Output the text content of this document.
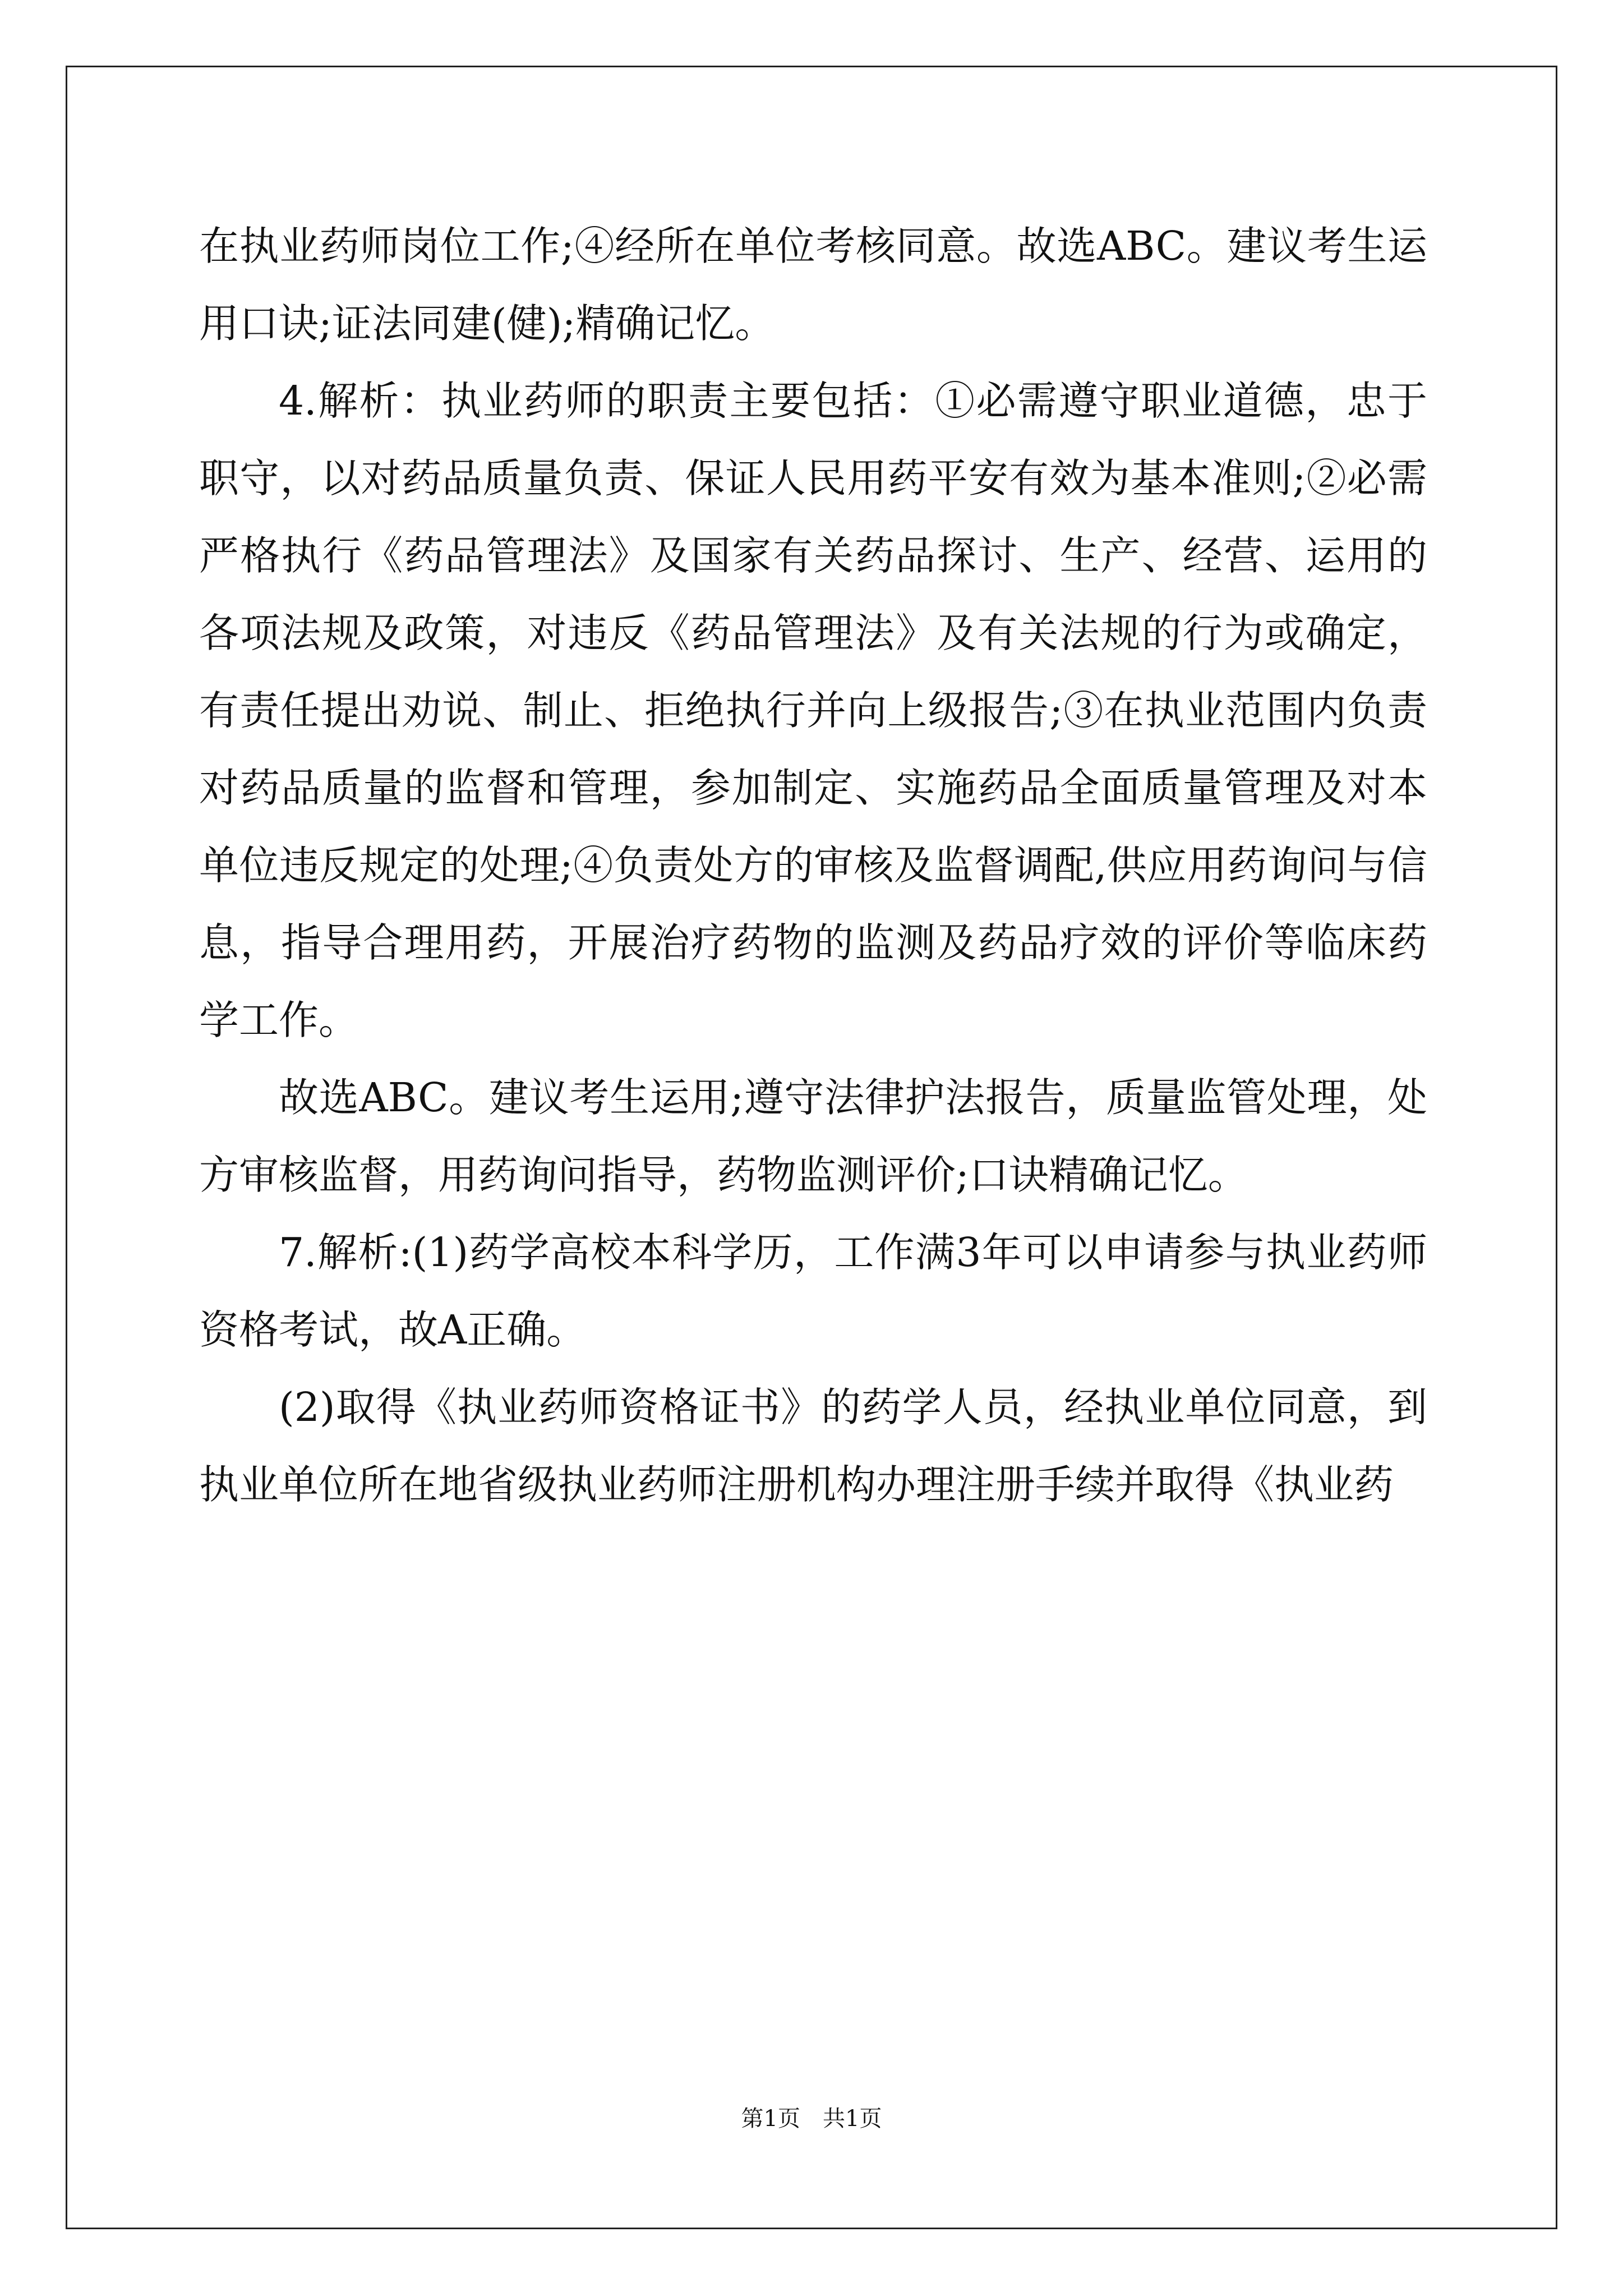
在执业药师岗位工作;④经所在单位考核同意。故选ABC。建议考生运用口诀;证法同建(健);精确记忆。

4.解析：执业药师的职责主要包括：①必需遵守职业道德，忠于职守，以对药品质量负责、保证人民用药平安有效为基本准则;②必需严格执行《药品管理法》及国家有关药品探讨、生产、经营、运用的各项法规及政策，对违反《药品管理法》及有关法规的行为或确定，有责任提出劝说、制止、拒绝执行并向上级报告;③在执业范围内负责对药品质量的监督和管理，参加制定、实施药品全面质量管理及对本单位违反规定的处理;④负责处方的审核及监督调配,供应用药询问与信息，指导合理用药，开展治疗药物的监测及药品疗效的评价等临床药学工作。

故选ABC。建议考生运用;遵守法律护法报告，质量监管处理，处方审核监督，用药询问指导，药物监测评价;口诀精确记忆。

7.解析:(1)药学高校本科学历，工作满3年可以申请参与执业药师资格考试，故A正确。

(2)取得《执业药师资格证书》的药学人员，经执业单位同意，到执业单位所在地省级执业药师注册机构办理注册手续并取得《执业药

第1页　共1页
